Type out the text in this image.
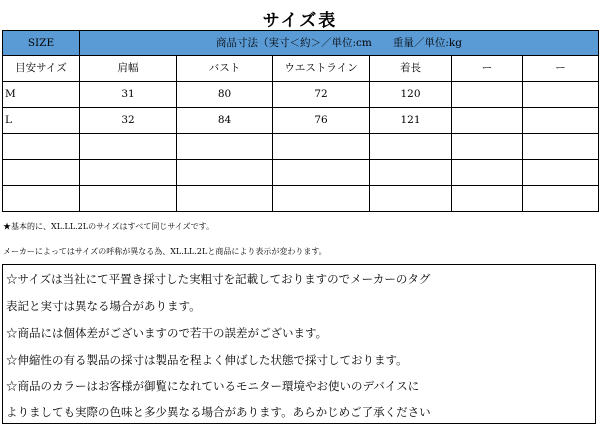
サイズ表
SIZE	商品寸法（実寸＜約＞／単位:cm　　重量／単位:kg					
目安サイズ	肩幅	バスト	ウエストライン	着長	ー	ー
M	31	80	72	120		
L	32	84	76	121		

★基本的に、XL.LL.2Lのサイズはすべて同じサイズです。
メーカーによってはサイズの呼称が異なる為、XL.LL.2Lと商品により表示が変わります。
☆サイズは当社にて平置き採寸した実粗寸を記載しておりますのでメーカーのタグ
表記と実寸は異なる場合があります。
☆商品には個体差がございますので若干の誤差がございます。
☆伸縮性の有る製品の採寸は製品を程よく伸ばした状態で採寸しております。
☆商品のカラーはお客様が御覧になれているモニター環境やお使いのデバイスに
よりましても実際の色味と多少異なる場合があります。あらかじめご了承ください
